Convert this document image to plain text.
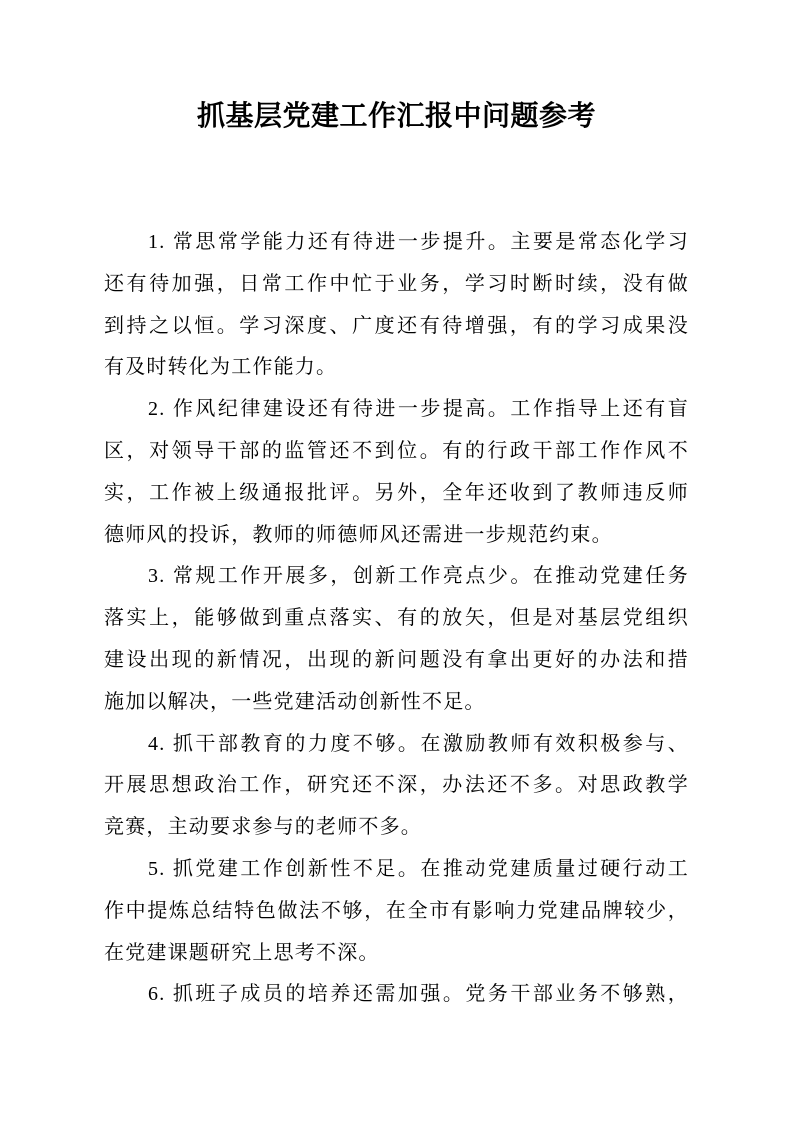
抓基层党建工作汇报中问题参考
1. 常思常学能力还有待进一步提升。主要是常态化学习
还有待加强，日常工作中忙于业务，学习时断时续，没有做
到持之以恒。学习深度、广度还有待增强，有的学习成果没
有及时转化为工作能力。
2. 作风纪律建设还有待进一步提高。工作指导上还有盲
区，对领导干部的监管还不到位。有的行政干部工作作风不
实，工作被上级通报批评。另外，全年还收到了教师违反师
德师风的投诉，教师的师德师风还需进一步规范约束。
3. 常规工作开展多，创新工作亮点少。在推动党建任务
落实上，能够做到重点落实、有的放矢，但是对基层党组织
建设出现的新情况，出现的新问题没有拿出更好的办法和措
施加以解决，一些党建活动创新性不足。
4. 抓干部教育的力度不够。在激励教师有效积极参与、
开展思想政治工作，研究还不深，办法还不多。对思政教学
竞赛，主动要求参与的老师不多。
5. 抓党建工作创新性不足。在推动党建质量过硬行动工
作中提炼总结特色做法不够，在全市有影响力党建品牌较少，
在党建课题研究上思考不深。
6. 抓班子成员的培养还需加强。党务干部业务不够熟，
